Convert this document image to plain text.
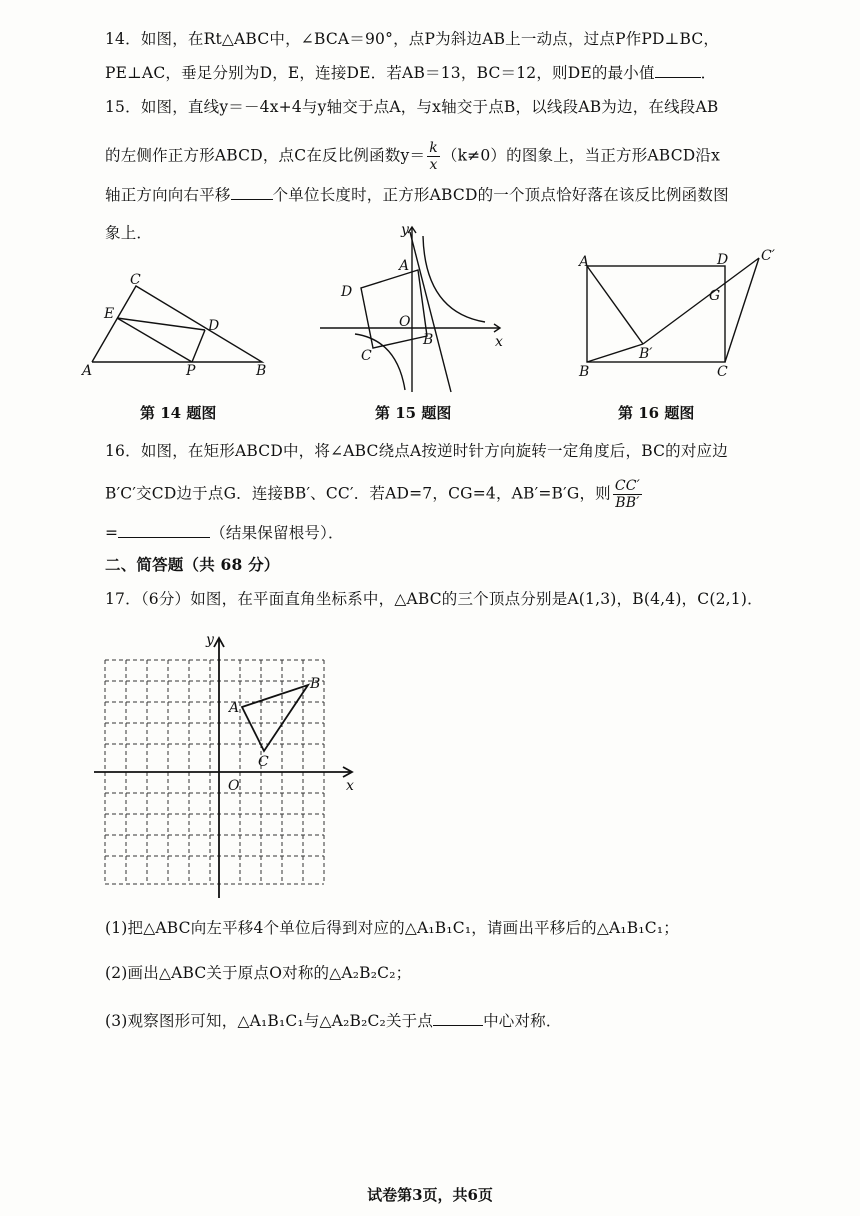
14．如图，在Rt△ABC中，∠BCA＝90°，点P为斜边AB上一动点，过点P作PD⊥BC，
PE⊥AC，垂足分别为D，E，连接DE．若AB＝13，BC＝12，则DE的最小值	．
15．如图，直线y＝－4x+4与y轴交于点A，与x轴交于点B，以线段AB为边，在线段AB
的左侧作正方形ABCD，点C在反比例函数$y= \frac{k}{x} (k\ne 0)$的图象上，当正方形ABCD沿x
轴正方向向右平移	个单位长度时，正方形ABCD的一个顶点恰好落在该反比例函数图
象上．
A	B
C
D
E
P
第 14 题图
A
B
C
D
O
x
y
第 15 题图
A
B	C
D
G
B′
C′
第 16 题图
16．如图，在矩形ABCD中，将∠ABC绕点A按逆时针方向旋转一定角度后，BC的对应边
B′C′交CD边于点G．连接BB′、CC′．若AD=7，CG=4，AB′=B′G，则 $\frac{CC'}{BB'}$
=	（结果保留根号）．
二、简答题（共 68 分）
17．（6分）如图，在平面直角坐标系中，△ABC的三个顶点分别是A(1,3)，B(4,4)，C(2,1)．
O	x
y
A
B
C
(1)把△ABC向左平移4个单位后得到对应的△A₁B₁C₁，请画出平移后的△A₁B₁C₁；
(2)画出△ABC关于原点O对称的△A₂B₂C₂；
(3)观察图形可知，△A₁B₁C₁与△A₂B₂C₂关于点	中心对称．
试卷第3页，共6页
